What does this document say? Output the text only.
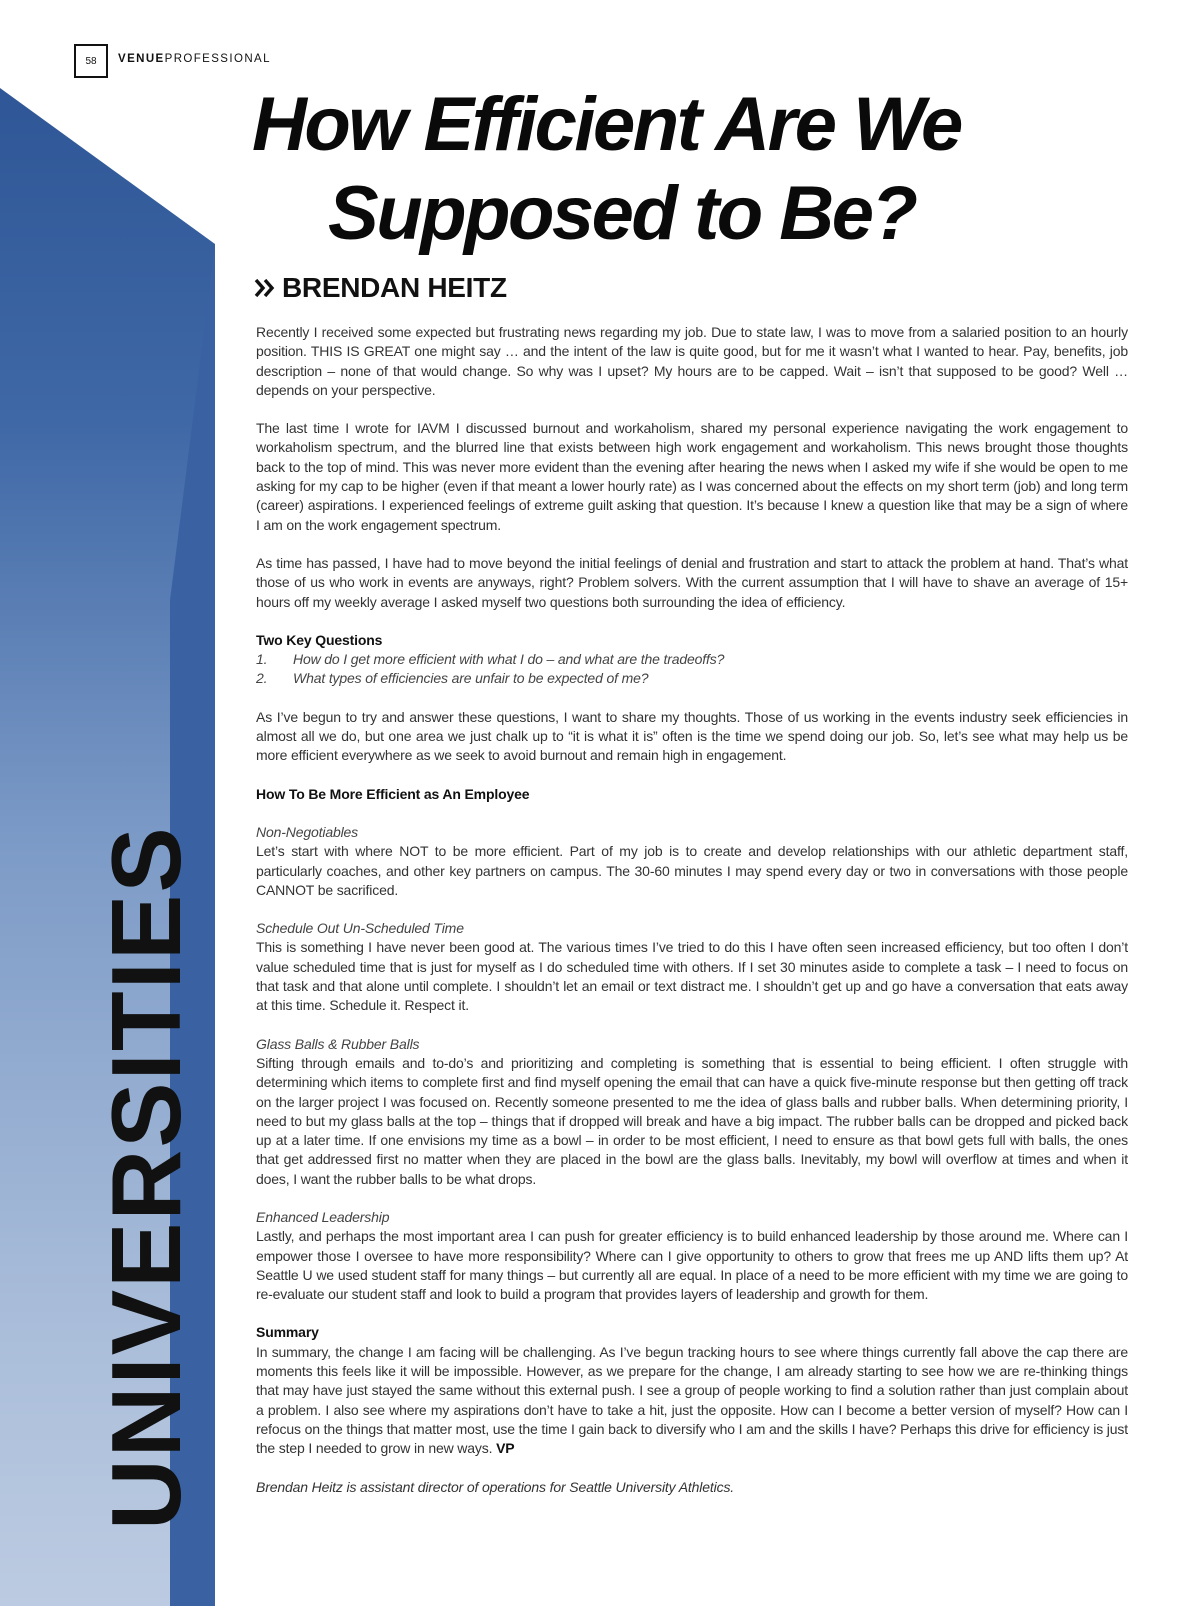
58 VENUEPROFESSIONAL
UNIVERSITIES
How Efficient Are We
Supposed to Be?
BRENDAN HEITZ

Recently I received some expected but frustrating news regarding my job. Due to state law, I was to move from a salaried position to an hourly position. THIS IS GREAT one might say … and the intent of the law is quite good, but for me it wasn’t what I wanted to hear. Pay, benefits, job description – none of that would change. So why was I upset? My hours are to be capped. Wait – isn’t that supposed to be good? Well … depends on your perspective.

The last time I wrote for IAVM I discussed burnout and workaholism, shared my personal experience navigating the work engagement to workaholism spectrum, and the blurred line that exists between high work engagement and workaholism. This news brought those thoughts back to the top of mind. This was never more evident than the evening after hearing the news when I asked my wife if she would be open to me asking for my cap to be higher (even if that meant a lower hourly rate) as I was concerned about the effects on my short term (job) and long term (career) aspirations. I experienced feelings of extreme guilt asking that question. It’s because I knew a question like that may be a sign of where I am on the work engagement spectrum.

As time has passed, I have had to move beyond the initial feelings of denial and frustration and start to attack the problem at hand. That’s what those of us who work in events are anyways, right? Problem solvers. With the current assumption that I will have to shave an average of 15+ hours off my weekly average I asked myself two questions both surrounding the idea of efficiency.

Two Key Questions

1.	How do I get more efficient with what I do – and what are the tradeoffs?
2.	What types of efficiencies are unfair to be expected of me?

As I’ve begun to try and answer these questions, I want to share my thoughts. Those of us working in the events industry seek efficiencies in almost all we do, but one area we just chalk up to “it is what it is” often is the time we spend doing our job. So, let’s see what may help us be more efficient everywhere as we seek to avoid burnout and remain high in engagement.

How To Be More Efficient as An Employee

Non-Negotiables
Let’s start with where NOT to be more efficient. Part of my job is to create and develop relationships with our athletic department staff, particularly coaches, and other key partners on campus. The 30-60 minutes I may spend every day or two in conversations with those people CANNOT be sacrificed.

Schedule Out Un-Scheduled Time
This is something I have never been good at. The various times I’ve tried to do this I have often seen increased efficiency, but too often I don’t value scheduled time that is just for myself as I do scheduled time with others. If I set 30 minutes aside to complete a task – I need to focus on that task and that alone until complete. I shouldn’t let an email or text distract me. I shouldn’t get up and go have a conversation that eats away at this time. Schedule it. Respect it.

Glass Balls & Rubber Balls
Sifting through emails and to-do’s and prioritizing and completing is something that is essential to being efficient. I often struggle with determining which items to complete first and find myself opening the email that can have a quick five-minute response but then getting off track on the larger project I was focused on. Recently someone presented to me the idea of glass balls and rubber balls. When determining priority, I need to but my glass balls at the top – things that if dropped will break and have a big impact. The rubber balls can be dropped and picked back up at a later time. If one envisions my time as a bowl – in order to be most efficient, I need to ensure as that bowl gets full with balls, the ones that get addressed first no matter when they are placed in the bowl are the glass balls. Inevitably, my bowl will overflow at times and when it does, I want the rubber balls to be what drops.

Enhanced Leadership
Lastly, and perhaps the most important area I can push for greater efficiency is to build enhanced leadership by those around me. Where can I empower those I oversee to have more responsibility? Where can I give opportunity to others to grow that frees me up AND lifts them up? At Seattle U we used student staff for many things – but currently all are equal. In place of a need to be more efficient with my time we are going to re-evaluate our student staff and look to build a program that provides layers of leadership and growth for them.

Summary

In summary, the change I am facing will be challenging. As I’ve begun tracking hours to see where things currently fall above the cap there are moments this feels like it will be impossible. However, as we prepare for the change, I am already starting to see how we are re-thinking things that may have just stayed the same without this external push. I see a group of people working to find a solution rather than just complain about a problem. I also see where my aspirations don’t have to take a hit, just the opposite. How can I become a better version of myself? How can I refocus on the things that matter most, use the time I gain back to diversify who I am and the skills I have? Perhaps this drive for efficiency is just the step I needed to grow in new ways. VP

Brendan Heitz is assistant director of operations for Seattle University Athletics.
